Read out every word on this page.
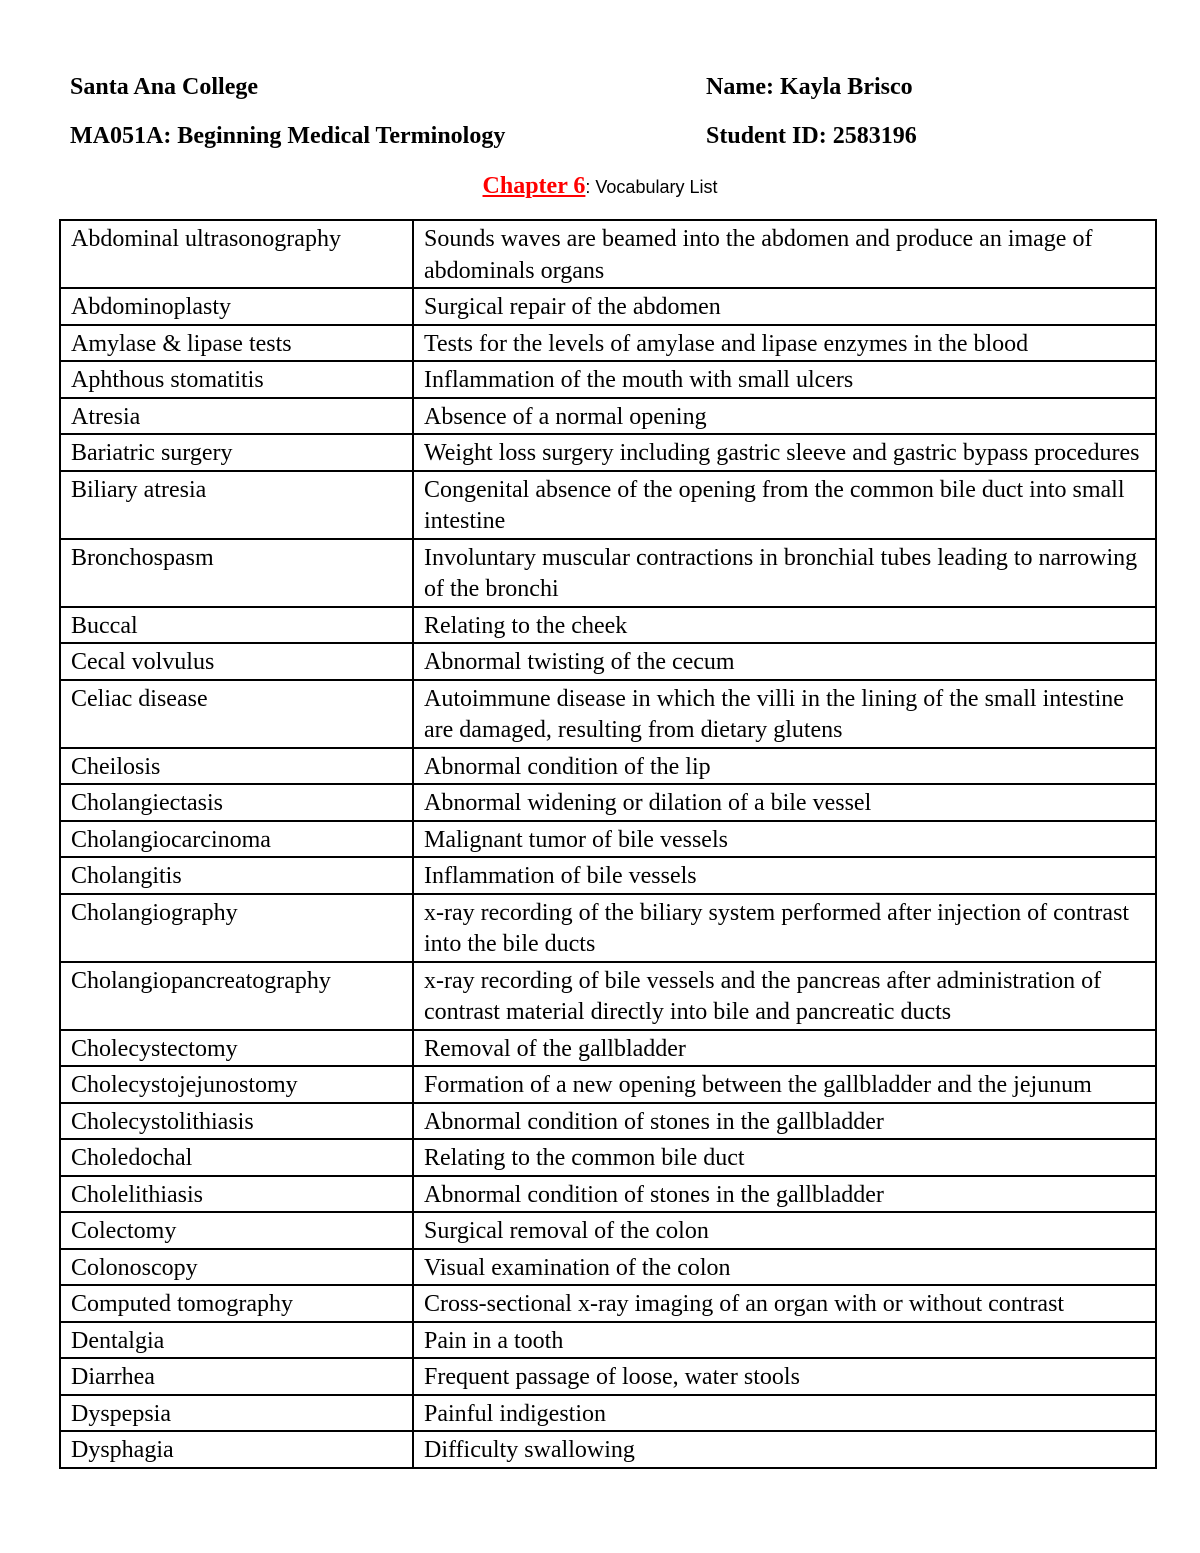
Santa Ana College	Name: Kayla Brisco
MA051A: Beginning Medical Terminology	Student ID: 2583196
Chapter 6: Vocabulary List
Abdominal ultrasonography	Sounds waves are beamed into the abdomen and produce an image of abdominals organs
Abdominoplasty	Surgical repair of the abdomen
Amylase & lipase tests	Tests for the levels of amylase and lipase enzymes in the blood
Aphthous stomatitis	Inflammation of the mouth with small ulcers
Atresia	Absence of a normal opening
Bariatric surgery	Weight loss surgery including gastric sleeve and gastric bypass procedures
Biliary atresia	Congenital absence of the opening from the common bile duct into small intestine
Bronchospasm	Involuntary muscular contractions in bronchial tubes leading to narrowing of the bronchi
Buccal	Relating to the cheek
Cecal volvulus	Abnormal twisting of the cecum
Celiac disease	Autoimmune disease in which the villi in the lining of the small intestine are damaged, resulting from dietary glutens
Cheilosis	Abnormal condition of the lip
Cholangiectasis	Abnormal widening or dilation of a bile vessel
Cholangiocarcinoma	Malignant tumor of bile vessels
Cholangitis	Inflammation of bile vessels
Cholangiography	x-ray recording of the biliary system performed after injection of contrast into the bile ducts
Cholangiopancreatography	x-ray recording of bile vessels and the pancreas after administration of contrast material directly into bile and pancreatic ducts
Cholecystectomy	Removal of the gallbladder
Cholecystojejunostomy	Formation of a new opening between the gallbladder and the jejunum
Cholecystolithiasis	Abnormal condition of stones in the gallbladder
Choledochal	Relating to the common bile duct
Cholelithiasis	Abnormal condition of stones in the gallbladder
Colectomy	Surgical removal of the colon
Colonoscopy	Visual examination of the colon
Computed tomography	Cross-sectional x-ray imaging of an organ with or without contrast
Dentalgia	Pain in a tooth
Diarrhea	Frequent passage of loose, water stools
Dyspepsia	Painful indigestion
Dysphagia	Difficulty swallowing
